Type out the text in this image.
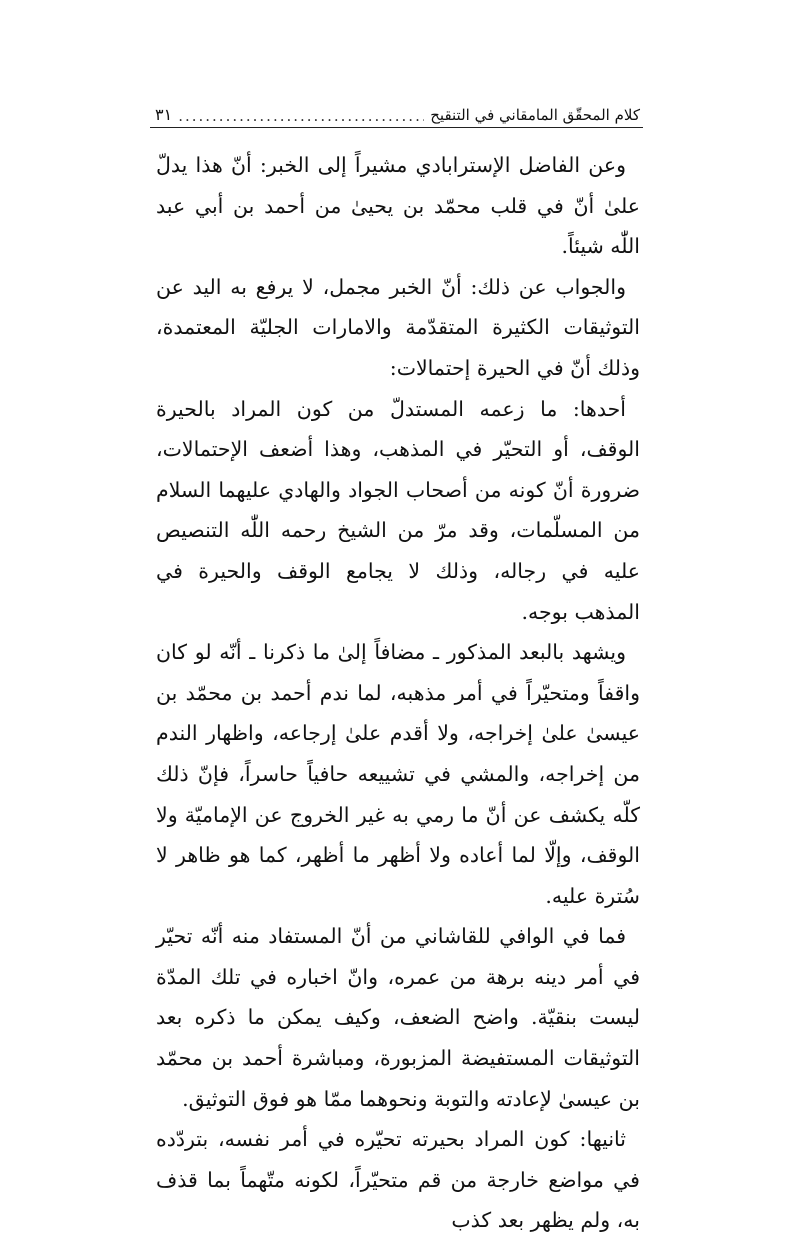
كلام المحقّق المامقاني في التنقيح
.....
٣١

وعن الفاضل الإسترابادي مشيراً إلى الخبر: أنّ هذا يدلّ علىٰ أنّ في قلب محمّد بن يحيىٰ من أحمد بن أبي عبد اللّٰه شيئاً.

والجواب عن ذلك: أنّ الخبر مجمل، لا يرفع به اليد عن التوثيقات الكثيرة المتقدّمة والامارات الجليّة المعتمدة، وذلك أنّ في الحيرة إحتمالات:

أحدها: ما زعمه المستدلّ من كون المراد بالحيرة الوقف، أو التحيّر في المذهب، وهذا أضعف الإحتمالات، ضرورة أنّ كونه من أصحاب الجواد والهادي عليهما السلام من المسلّمات، وقد مرّ من الشيخ رحمه اللّٰه التنصيص عليه في رجاله، وذلك لا يجامع الوقف والحيرة في المذهب بوجه.

ويشهد بالبعد المذكور ـ مضافاً إلىٰ ما ذكرنا ـ أنّه لو كان واقفاً ومتحيّراً في أمر مذهبه، لما ندم أحمد بن محمّد بن عيسىٰ علىٰ إخراجه، ولا أقدم علىٰ إرجاعه، واظهار الندم من إخراجه، والمشي في تشييعه حافياً حاسراً، فإنّ ذلك كلّه يكشف عن أنّ ما رمي به غير الخروج عن الإماميّة ولا الوقف، وإلّا لما أعاده ولا أظهر ما أظهر، كما هو ظاهر لا سُترة عليه.

فما في الوافي للقاشاني من أنّ المستفاد منه أنّه تحيّر في أمر دينه برهة من عمره، وانّ اخباره في تلك المدّة ليست بنقيّة. واضح الضعف، وكيف يمكن ما ذكره بعد التوثيقات المستفيضة المزبورة، ومباشرة أحمد بن محمّد بن عيسىٰ لإعادته والتوبة ونحوهما ممّا هو فوق التوثيق.

ثانيها: كون المراد بحيرته تحيّره في أمر نفسه، بتردّده في مواضع خارجة من قم متحيّراً، لكونه متّهماً بما قذف به، ولم يظهر بعد كذب
